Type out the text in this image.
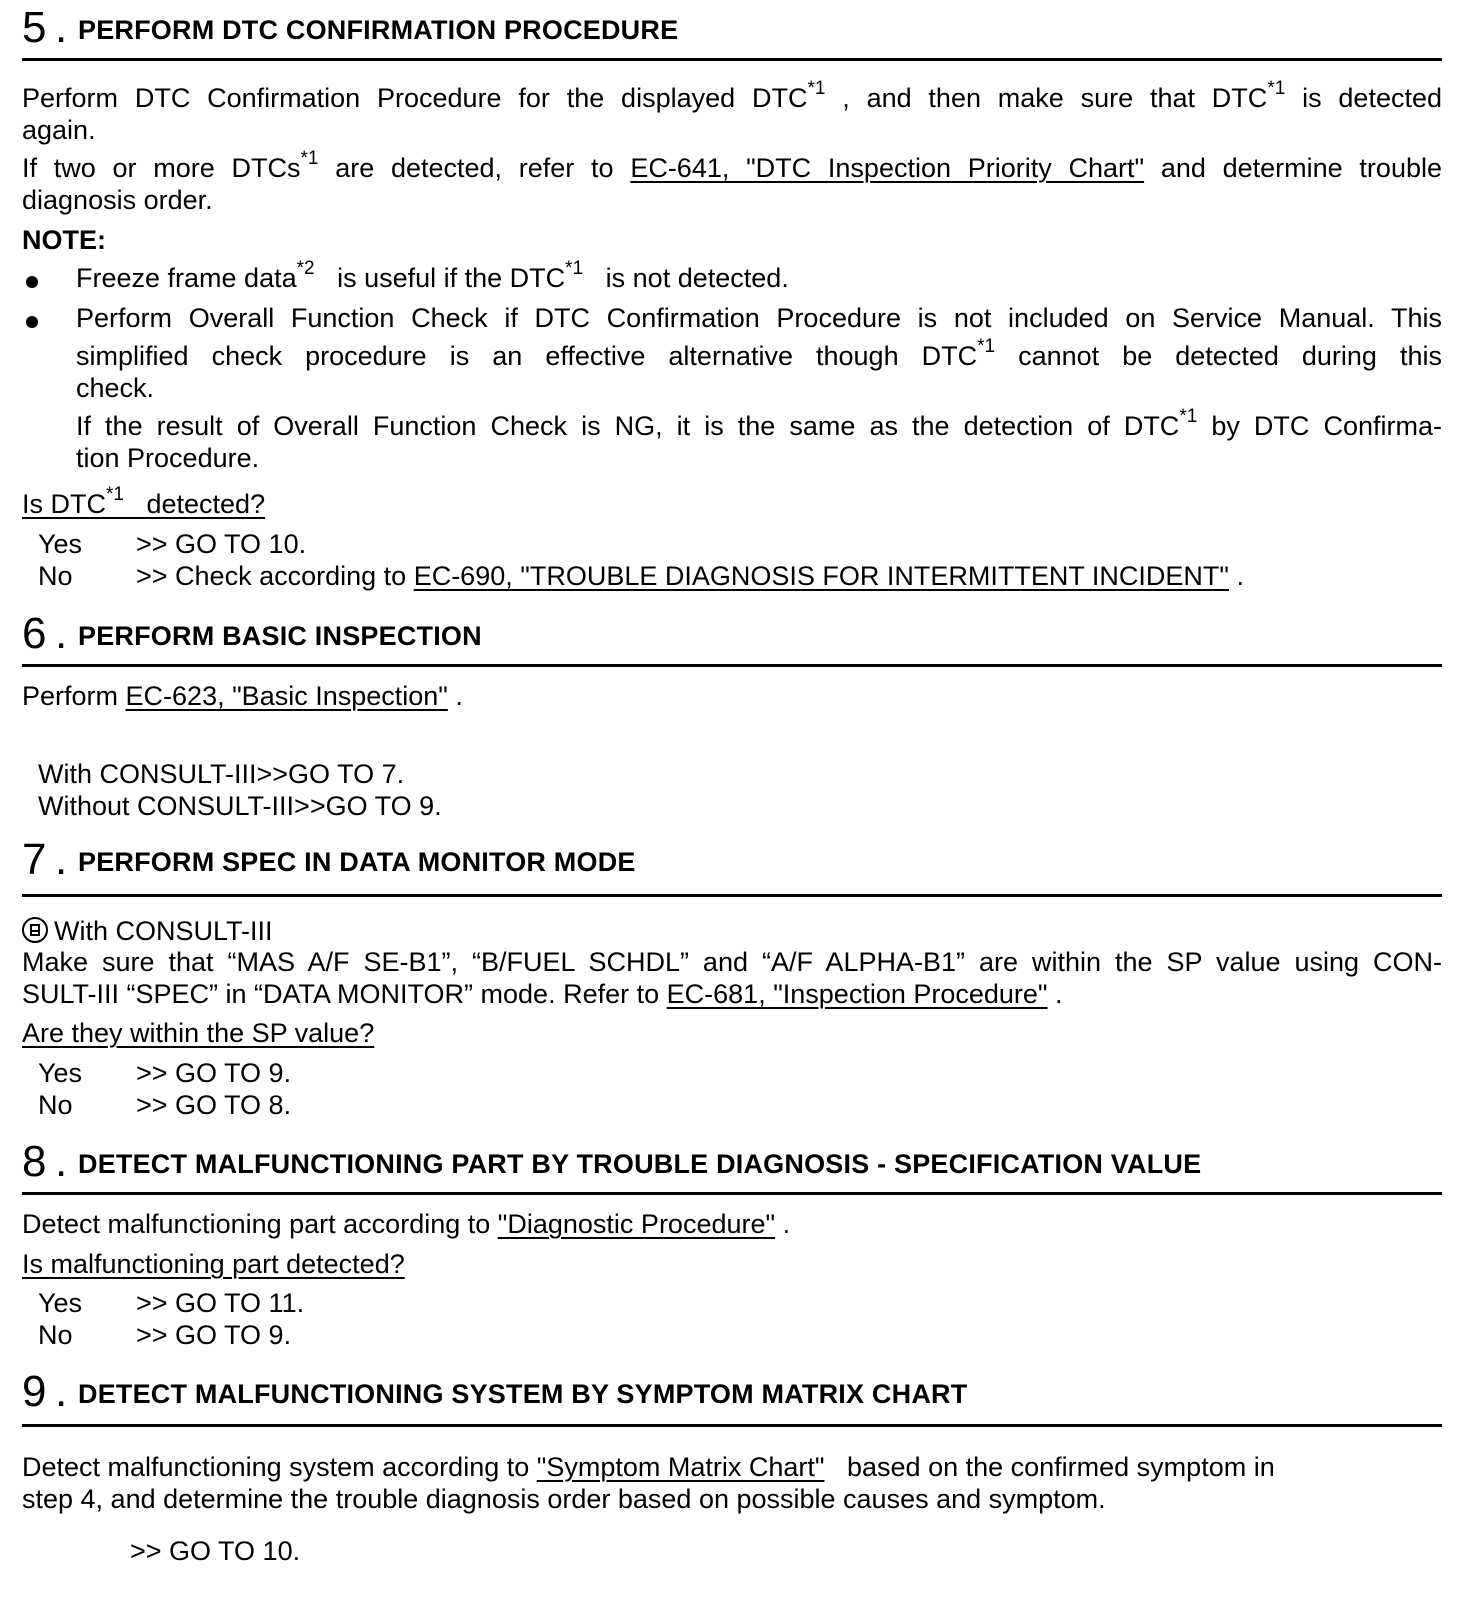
5 . PERFORM DTC CONFIRMATION PROCEDURE
Perform DTC Confirmation Procedure for the displayed DTC$^{*1}$ , and then make sure that DTC$^{*1}$ is detected
again.
If two or more DTCs$^{*1}$ are detected, refer to EC-641, "DTC Inspection Priority Chart" and determine trouble
diagnosis order.
NOTE:
Freeze frame data$^{*2}$ is useful if the DTC$^{*1}$ is not detected.
Perform Overall Function Check if DTC Confirmation Procedure is not included on Service Manual. This
simplified check procedure is an effective alternative though DTC$^{*1}$ cannot be detected during this
check.
If the result of Overall Function Check is NG, it is the same as the detection of DTC$^{*1}$ by DTC Confirma-
tion Procedure.
Is DTC$^{*1}$ detected?
Yes >> GO TO 10.
No >> Check according to EC-690, "TROUBLE DIAGNOSIS FOR INTERMITTENT INCIDENT" .
6 . PERFORM BASIC INSPECTION
Perform EC-623, "Basic Inspection" .
With CONSULT-III>>GO TO 7.
Without CONSULT-III>>GO TO 9.
7 . PERFORM SPEC IN DATA MONITOR MODE
With CONSULT-III
Make sure that “MAS A/F SE-B1”, “B/FUEL SCHDL” and “A/F ALPHA-B1” are within the SP value using CON-
SULT-III “SPEC” in “DATA MONITOR” mode. Refer to EC-681, "Inspection Procedure" .
Are they within the SP value?
Yes >> GO TO 9.
No >> GO TO 8.
8 . DETECT MALFUNCTIONING PART BY TROUBLE DIAGNOSIS - SPECIFICATION VALUE
Detect malfunctioning part according to "Diagnostic Procedure" .
Is malfunctioning part detected?
Yes >> GO TO 11.
No >> GO TO 9.
9 . DETECT MALFUNCTIONING SYSTEM BY SYMPTOM MATRIX CHART
Detect malfunctioning system according to "Symptom Matrix Chart" based on the confirmed symptom in
step 4, and determine the trouble diagnosis order based on possible causes and symptom.
>> GO TO 10.
